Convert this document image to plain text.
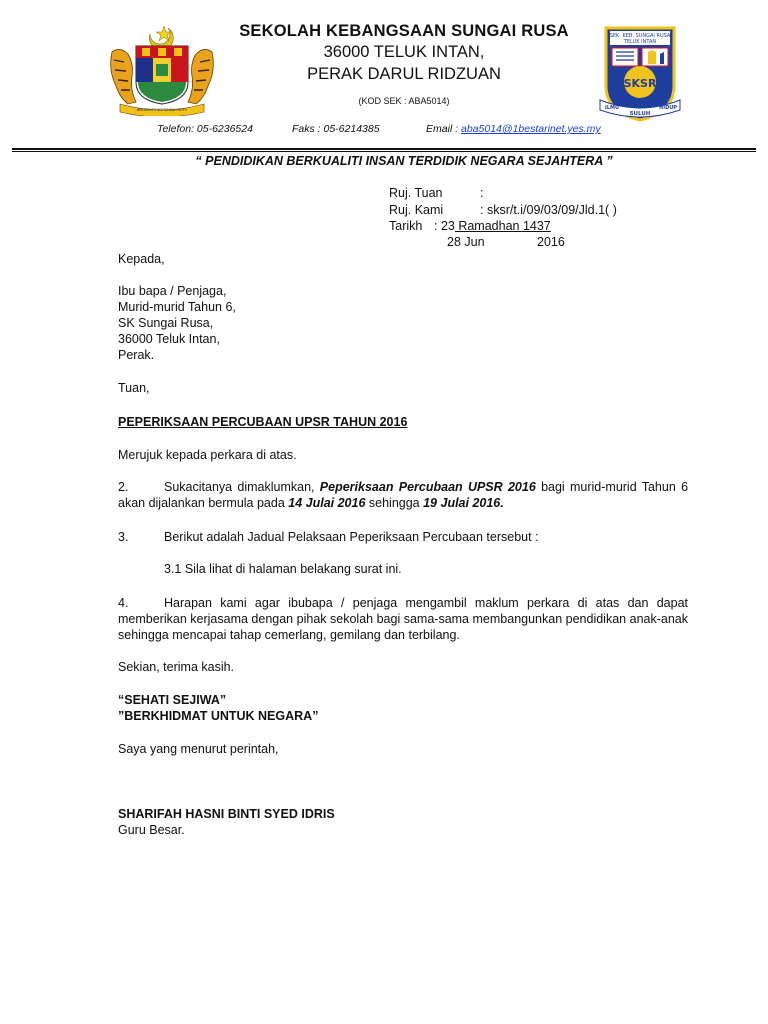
BERSEKUTU BERTAMBAH MUTU
SEK. KEB. SUNGAI RUSA
TELUK INTAN
SKSR
ILMU
SULUH
HIDUP
SEKOLAH KEBANGSAAN SUNGAI RUSA
36000 TELUK INTAN,
PERAK DARUL RIDZUAN
(KOD SEK : ABA5014)
Telefon: 05-6236524	Faks : 05-6214385	Email : aba5014@1bestarinet.yes.my
“ PENDIDIKAN BERKUALITI INSAN TERDIDIK NEGARA SEJAHTERA ”
Ruj. Tuan	:
Ruj. Kami	: sksr/t.i/09/03/09/Jld.1( )
Tarikh : 23 Ramadhan 1437
28 Jun	2016
Kepada,
Ibu bapa / Penjaga,
Murid-murid Tahun 6,
SK Sungai Rusa,
36000 Teluk Intan,
Perak.
Tuan,
PEPERIKSAAN PERCUBAAN UPSR TAHUN 2016
Merujuk kepada perkara di atas.
2.	Sukacitanya dimaklumkan, Peperiksaan Percubaan UPSR 2016 bagi murid-murid Tahun 6 akan dijalankan bermula pada 14 Julai 2016 sehingga 19 Julai 2016.
3.	Berikut adalah Jadual Pelaksaan Peperiksaan Percubaan tersebut :
3.1 Sila lihat di halaman belakang surat ini.
4.	Harapan kami agar ibubapa / penjaga mengambil maklum perkara di atas dan dapat memberikan kerjasama dengan pihak sekolah bagi sama-sama membangunkan pendidikan anak-anak sehingga mencapai tahap cemerlang, gemilang dan terbilang.
Sekian, terima kasih.
“SEHATI SEJIWA”
”BERKHIDMAT UNTUK NEGARA”
Saya yang menurut perintah,
SHARIFAH HASNI BINTI SYED IDRIS
Guru Besar.
